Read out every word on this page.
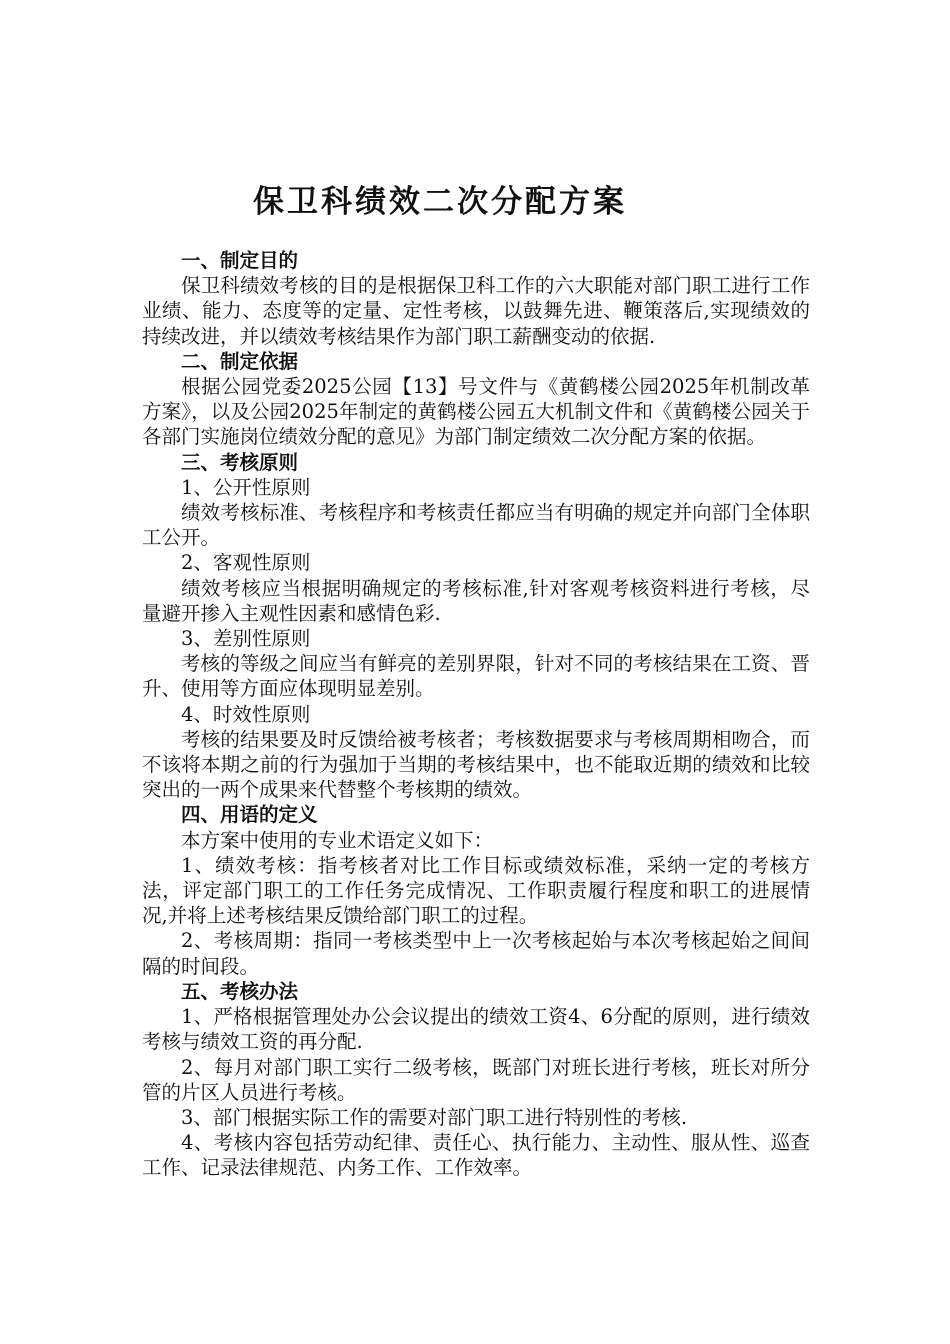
保卫科绩效二次分配方案

一、制定目的

保卫科绩效考核的目的是根据保卫科工作的六大职能对部门职工进行工作业绩、能力、态度等的定量、定性考核，以鼓舞先进、鞭策落后,实现绩效的持续改进，并以绩效考核结果作为部门职工薪酬变动的依据.

二、制定依据

根据公园党委2025公园【13】号文件与《黄鹤楼公园2025年机制改革方案》，以及公园2025年制定的黄鹤楼公园五大机制文件和《黄鹤楼公园关于各部门实施岗位绩效分配的意见》为部门制定绩效二次分配方案的依据。

三、考核原则

1、公开性原则

绩效考核标准、考核程序和考核责任都应当有明确的规定并向部门全体职工公开。

2、客观性原则

绩效考核应当根据明确规定的考核标准,针对客观考核资料进行考核，尽量避开掺入主观性因素和感情色彩.

3、差别性原则

考核的等级之间应当有鲜亮的差别界限，针对不同的考核结果在工资、晋升、使用等方面应体现明显差别。

4、时效性原则

考核的结果要及时反馈给被考核者；考核数据要求与考核周期相吻合，而不该将本期之前的行为强加于当期的考核结果中，也不能取近期的绩效和比较突出的一两个成果来代替整个考核期的绩效。

四、用语的定义

本方案中使用的专业术语定义如下：

1、绩效考核：指考核者对比工作目标或绩效标准，采纳一定的考核方法，评定部门职工的工作任务完成情况、工作职责履行程度和职工的进展情况,并将上述考核结果反馈给部门职工的过程。

2、考核周期：指同一考核类型中上一次考核起始与本次考核起始之间间隔的时间段。

五、考核办法

1、严格根据管理处办公会议提出的绩效工资4、6分配的原则，进行绩效考核与绩效工资的再分配.

2、每月对部门职工实行二级考核，既部门对班长进行考核，班长对所分管的片区人员进行考核。

3、部门根据实际工作的需要对部门职工进行特别性的考核.

4、考核内容包括劳动纪律、责任心、执行能力、主动性、服从性、巡查工作、记录法律规范、内务工作、工作效率。
